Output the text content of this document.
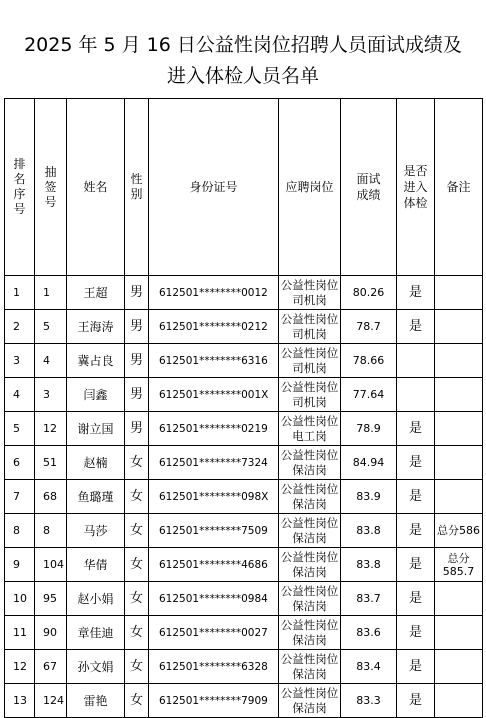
2025 年 5 月 16 日公益性岗位招聘人员面试成绩及
进入体检人员名单
排名序号	抽签号	姓名	性别	身份证号	应聘岗位	面试成绩	是否进入体检	备注
1	1	王超	男	612501********0012	公益性岗位司机岗	80.26	是	
2	5	王海涛	男	612501********0212	公益性岗位司机岗	78.7	是	
3	4	冀占良	男	612501********6316	公益性岗位司机岗	78.66		
4	3	闫鑫	男	612501********001X	公益性岗位司机岗	77.64		
5	12	谢立国	男	612501********0219	公益性岗位电工岗	78.9	是	
6	51	赵楠	女	612501********7324	公益性岗位保洁岗	84.94	是	
7	68	鱼璐瑾	女	612501********098X	公益性岗位保洁岗	83.9	是	
8	8	马莎	女	612501********7509	公益性岗位保洁岗	83.8	是	总分586
9	104	华倩	女	612501********4686	公益性岗位保洁岗	83.8	是	总分585.7
10	95	赵小娟	女	612501********0984	公益性岗位保洁岗	83.7	是	
11	90	章佳迪	女	612501********0027	公益性岗位保洁岗	83.6	是	
12	67	孙文娟	女	612501********6328	公益性岗位保洁岗	83.4	是	
13	124	雷艳	女	612501********7909	公益性岗位保洁岗	83.3	是	
